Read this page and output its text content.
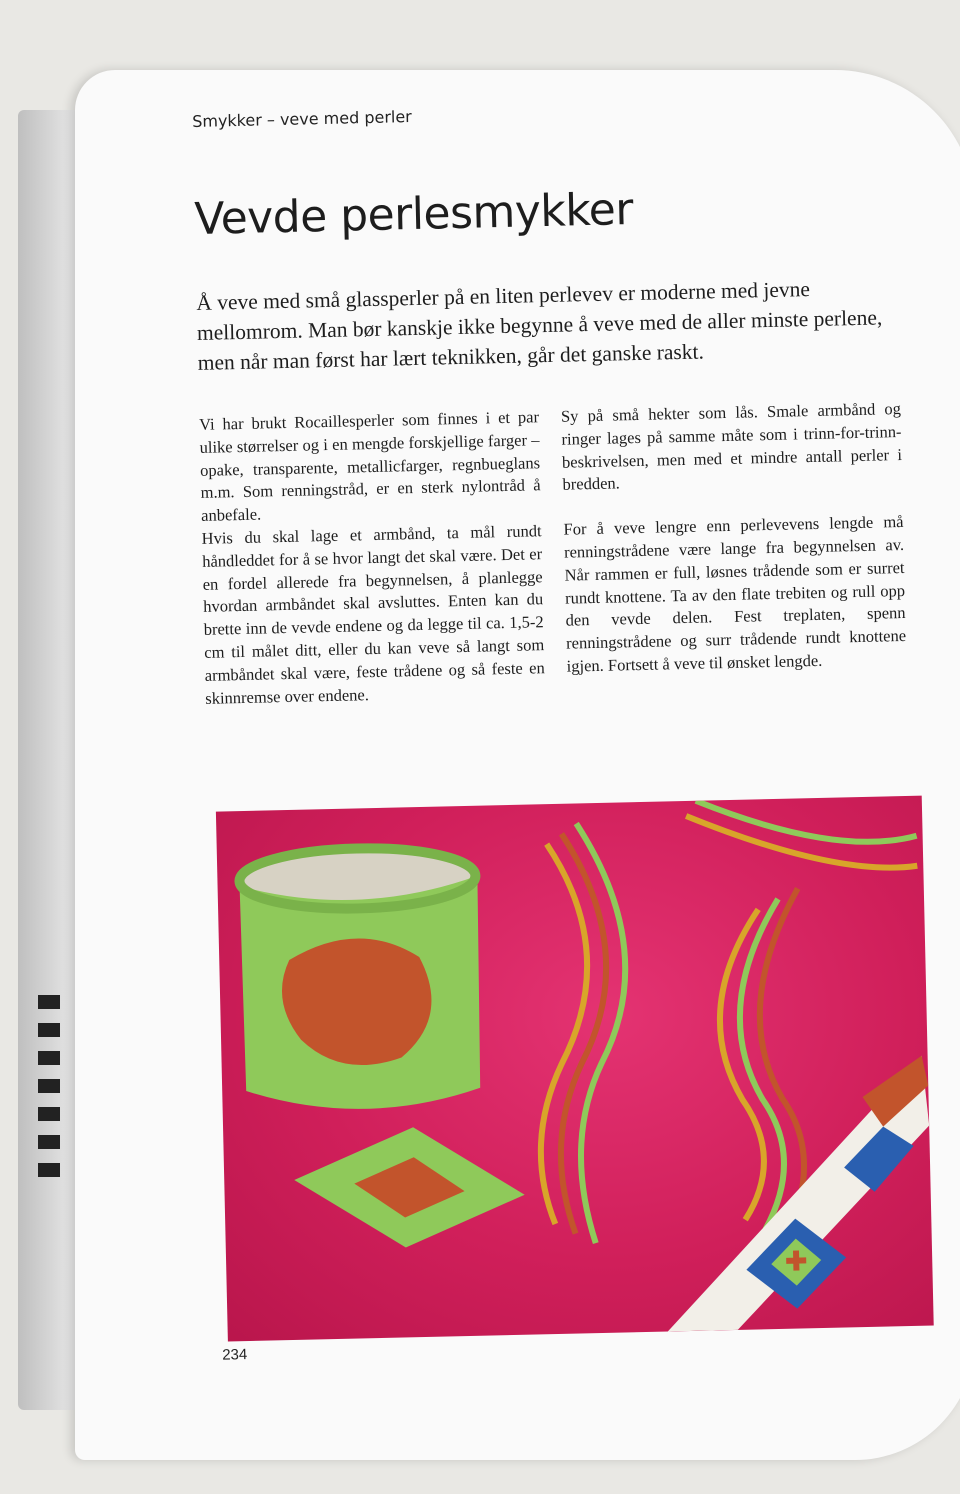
Smykker – veve med perler
Vevde perlesmykker

Å veve med små glassperler på en liten perlevev er moderne med jevne mellomrom. Man bør kanskje ikke begynne å veve med de aller minste perlene, men når man først har lært teknikken, går det ganske raskt.

Vi har brukt Rocaillesperler som finnes i et par ulike størrelser og i en mengde forskjellige farger – opake, transparente, metallicfarger, regnbueglans m.m. Som renningstråd, er en sterk nylontråd å anbefale.

Hvis du skal lage et armbånd, ta mål rundt håndleddet for å se hvor langt det skal være. Det er en fordel allerede fra begynnelsen, å planlegge hvordan armbåndet skal avsluttes. Enten kan du brette inn de vevde endene og da legge til ca. 1,5-2 cm til målet ditt, eller du kan veve så langt som armbåndet skal være, feste trådene og så feste en skinnremse over endene.

Sy på små hekter som lås. Smale armbånd og ringer lages på samme måte som i trinn-for-trinn-beskrivelsen, men med et mindre antall perler i bredden.

For å veve lengre enn perlevevens lengde må renningstrådene være lange fra begynnelsen av. Når rammen er full, løsnes trådende som er surret rundt knottene. Ta av den flate trebiten og rull opp den vevde delen. Fest treplaten, spenn renningstrådene og surr trådende rundt knottene igjen. Fortsett å veve til ønsket lengde.

234
